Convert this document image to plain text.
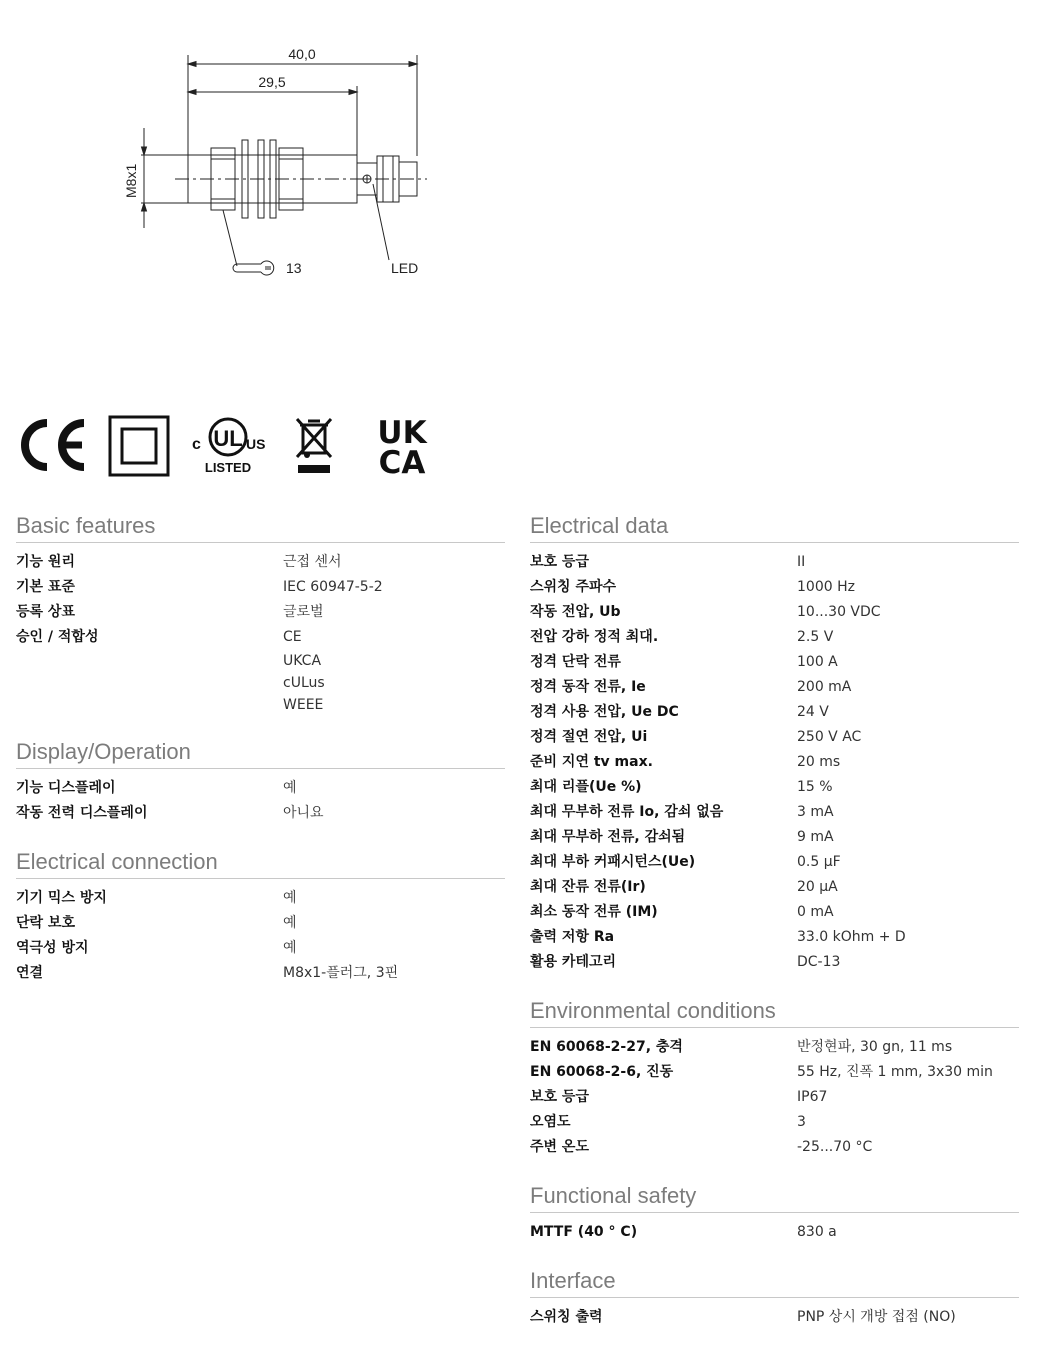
40,0
29,5
M8x1
13	LED
UL
c	US
LISTED
UK
CA
Basic features
기능 원리	근접 센서
기본 표준	IEC 60947-5-2
등록 상표	글로벌
승인 / 적합성	CE
UKCA
cULus
WEEE
Display/Operation
기능 디스플레이	예
작동 전력 디스플레이	아니요
Electrical connection
기기 믹스 방지	예
단락 보호	예
역극성 방지	예
연결	M8x1-플러그, 3핀
Electrical data
보호 등급	II
스위칭 주파수	1000 Hz
작동 전압, Ub	10...30 VDC
전압 강하 정적 최대.	2.5 V
정격 단락 전류	100 A
정격 동작 전류, Ie	200 mA
정격 사용 전압, Ue DC	24 V
정격 절연 전압, Ui	250 V AC
준비 지연 tv max.	20 ms
최대 리플(Ue %)	15 %
최대 무부하 전류 Io, 감쇠 없음	3 mA
최대 무부하 전류, 감쇠됨	9 mA
최대 부하 커패시턴스(Ue)	0.5 µF
최대 잔류 전류(Ir)	20 µA
최소 동작 전류 (IM)	0 mA
출력 저항 Ra	33.0 kOhm + D
활용 카테고리	DC-13
Environmental conditions
EN 60068-2-27, 충격	반정현파, 30 gn, 11 ms
EN 60068-2-6, 진동	55 Hz, 진폭 1 mm, 3x30 min
보호 등급	IP67
오염도	3
주변 온도	-25...70 °C
Functional safety
MTTF (40 ° C)	830 a
Interface
스위칭 출력	PNP 상시 개방 접점 (NO)
